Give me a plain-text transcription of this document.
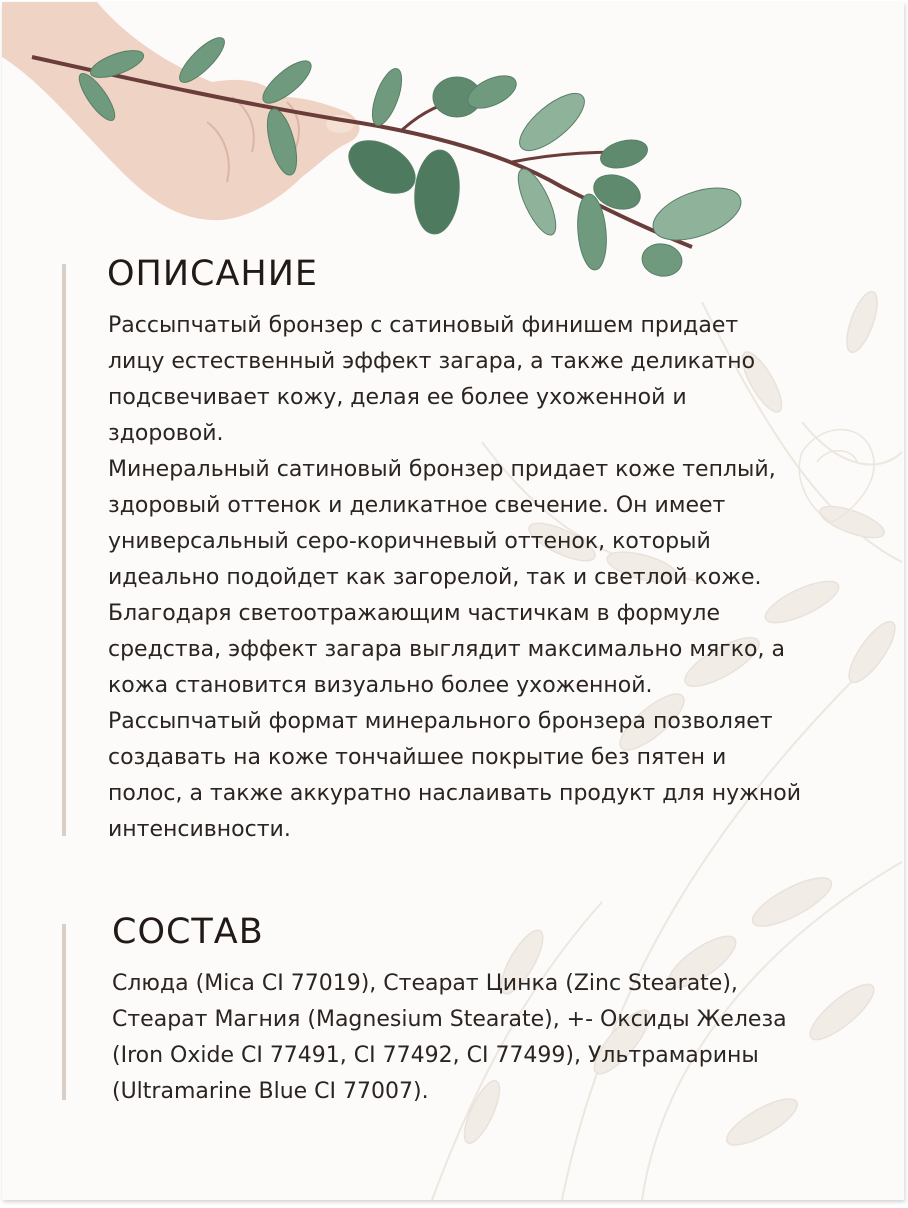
ОПИСАНИЕ

Рассыпчатый бронзер с сатиновый финишем придает
лицу естественный эффект загара, а также деликатно
подсвечивает кожу, делая ее более ухоженной и
здоровой.
Минеральный сатиновый бронзер придает коже теплый,
здоровый оттенок и деликатное свечение. Он имеет
универсальный серо-коричневый оттенок, который
идеально подойдет как загорелой, так и светлой коже.
Благодаря светоотражающим частичкам в формуле
средства, эффект загара выглядит максимально мягко, а
кожа становится визуально более ухоженной.
Рассыпчатый формат минерального бронзера позволяет
создавать на коже тончайшее покрытие без пятен и
полос, а также аккуратно наслаивать продукт для нужной
интенсивности.

СОСТАВ

Слюда (Mica CI 77019), Стеарат Цинка (Zinc Stearate),
Стеарат Магния (Magnesium Stearate), +- Оксиды Железа
(Iron Oxide CI 77491, CI 77492, CI 77499), Ультрамарины
(Ultramarine Blue CI 77007).
